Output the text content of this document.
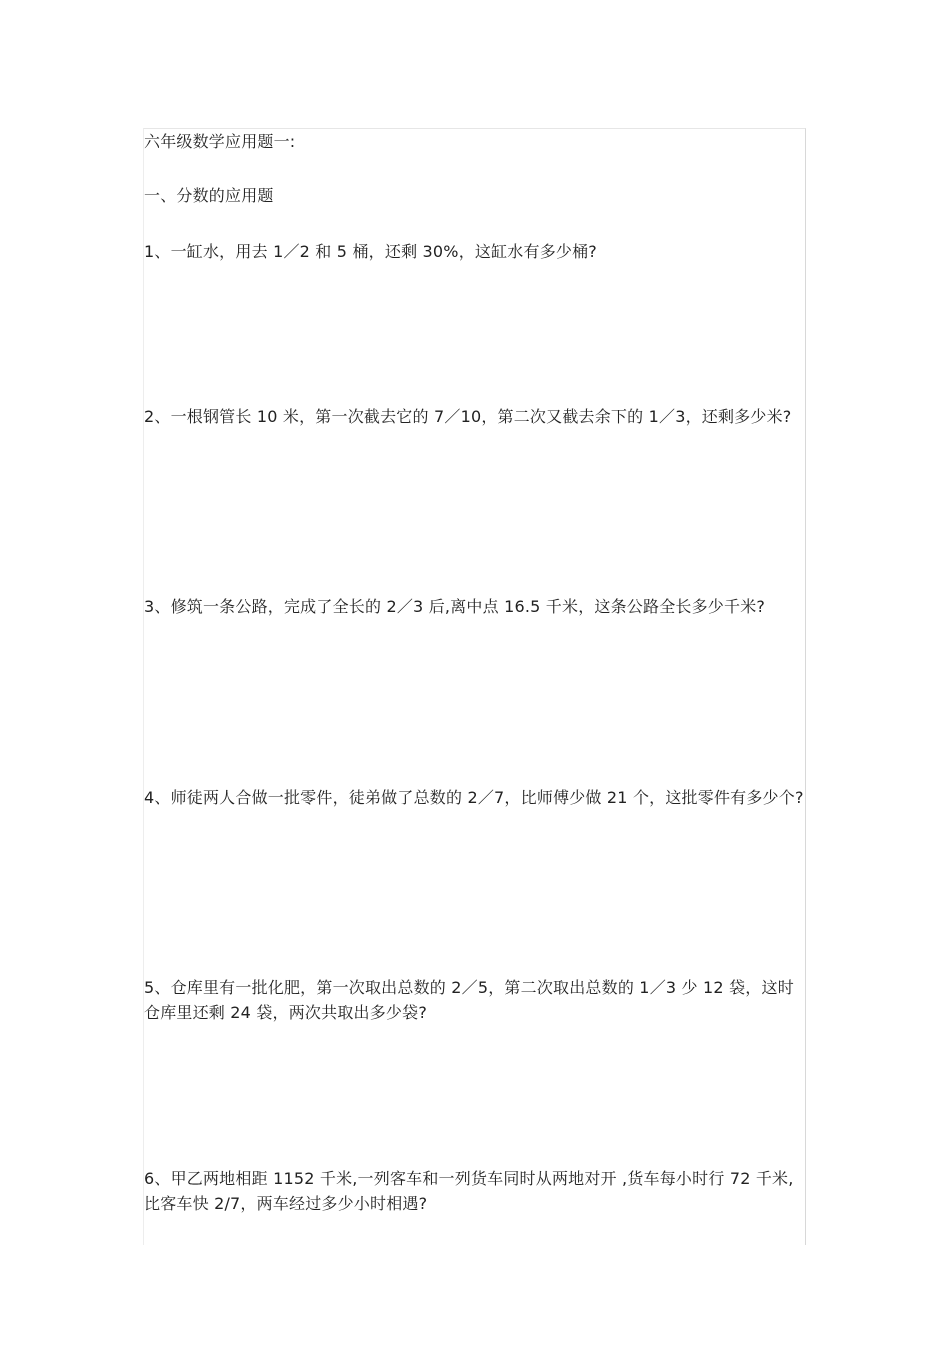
六年级数学应用题一:
一、分数的应用题
1、一缸水，用去 1／2 和 5 桶，还剩 30%，这缸水有多少桶?
2、一根钢管长 10 米，第一次截去它的 7／10，第二次又截去余下的 1／3，还剩多少米?
3、修筑一条公路，完成了全长的 2／3 后,离中点 16.5 千米，这条公路全长多少千米?
4、师徒两人合做一批零件，徒弟做了总数的 2／7，比师傅少做 21 个，这批零件有多少个?
5、仓库里有一批化肥，第一次取出总数的 2／5，第二次取出总数的 1／3 少 12 袋，这时仓库里还剩 24 袋，两次共取出多少袋?
6、甲乙两地相距 1152 千米,一列客车和一列货车同时从两地对开 ,货车每小时行 72 千米,比客车快 2/7，两车经过多少小时相遇?
